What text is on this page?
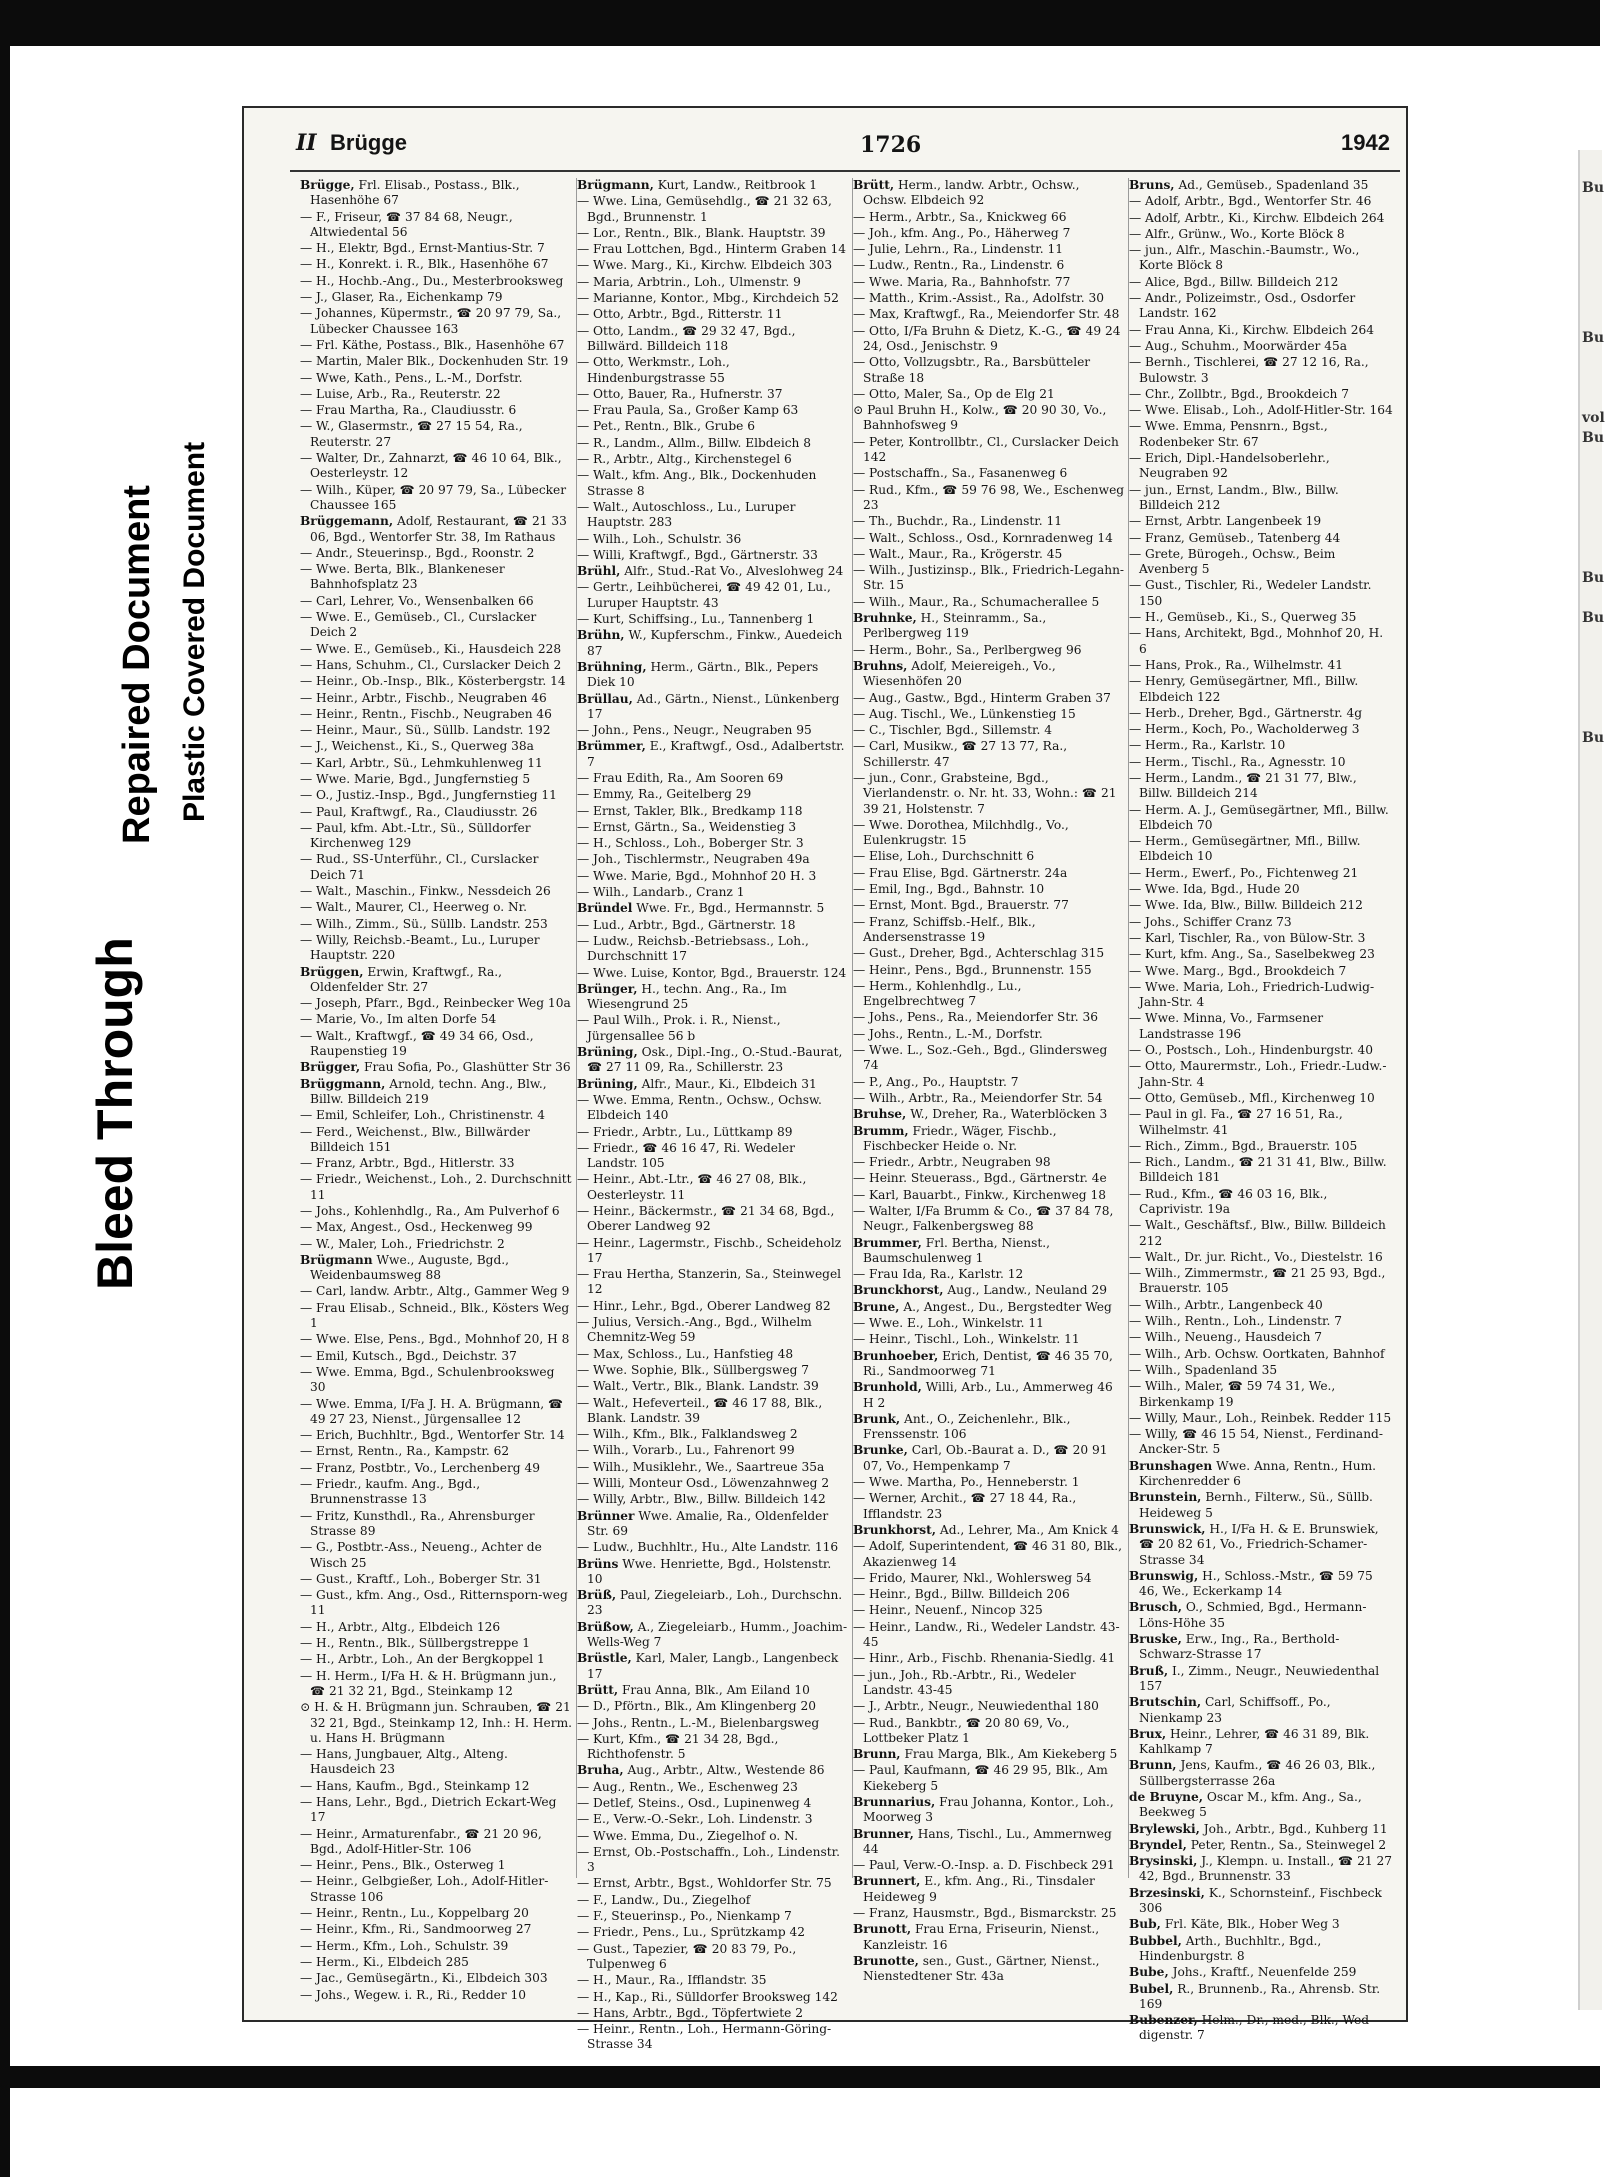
Bleed Through
Repaired Document Plastic Covered Document
Bu
Bu
vol
Bu
Bu
Bu
Bu
II Brügge	1726	1942
Brügge, Frl. Elisab., Postass., Blk., Hasenhöhe 67
— F., Friseur, ☎ 37 84 68, Neugr., Altwiedental 56
— H., Elektr, Bgd., Ernst-Mantius-Str. 7
— H., Konrekt. i. R., Blk., Hasenhöhe 67
— H., Hochb.-Ang., Du., Mesterbrooksweg
— J., Glaser, Ra., Eichenkamp 79
— Johannes, Küpermstr., ☎ 20 97 79, Sa., Lübecker Chaussee 163
— Frl. Käthe, Postass., Blk., Hasenhöhe 67
— Martin, Maler Blk., Dockenhuden Str. 19
— Wwe, Kath., Pens., L.-M., Dorfstr.
— Luise, Arb., Ra., Reuterstr. 22
— Frau Martha, Ra., Claudiusstr. 6
— W., Glasermstr., ☎ 27 15 54, Ra., Reuterstr. 27
— Walter, Dr., Zahnarzt, ☎ 46 10 64, Blk., Oesterleystr. 12
— Wilh., Küper, ☎ 20 97 79, Sa., Lübecker Chaussee 165
Brüggemann, Adolf, Restaurant, ☎ 21 33 06, Bgd., Wentorfer Str. 38, Im Rathaus
— Andr., Steuerinsp., Bgd., Roonstr. 2
— Wwe. Berta, Blk., Blankeneser Bahnhofsplatz 23
— Carl, Lehrer, Vo., Wensenbalken 66
— Wwe. E., Gemüseb., Cl., Curslacker Deich 2
— Wwe. E., Gemüseb., Ki., Hausdeich 228
— Hans, Schuhm., Cl., Curslacker Deich 2
— Heinr., Ob.-Insp., Blk., Kösterbergstr. 14
— Heinr., Arbtr., Fischb., Neugraben 46
— Heinr., Rentn., Fischb., Neugraben 46
— Heinr., Maur., Sü., Süllb. Landstr. 192
— J., Weichenst., Ki., S., Querweg 38a
— Karl, Arbtr., Sü., Lehmkuhlenweg 11
— Wwe. Marie, Bgd., Jungfernstieg 5
— O., Justiz.-Insp., Bgd., Jungfernstieg 11
— Paul, Kraftwgf., Ra., Claudiusstr. 26
— Paul, kfm. Abt.-Ltr., Sü., Sülldorfer Kirchenweg 129
— Rud., SS-Unterführ., Cl., Curslacker Deich 71
— Walt., Maschin., Finkw., Nessdeich 26
— Walt., Maurer, Cl., Heerweg o. Nr.
— Wilh., Zimm., Sü., Süllb. Landstr. 253
— Willy, Reichsb.-Beamt., Lu., Luruper Hauptstr. 220
Brüggen, Erwin, Kraftwgf., Ra., Oldenfelder Str. 27
— Joseph, Pfarr., Bgd., Reinbecker Weg 10a
— Marie, Vo., Im alten Dorfe 54
— Walt., Kraftwgf., ☎ 49 34 66, Osd., Raupenstieg 19
Brügger, Frau Sofia, Po., Glashütter Str 36
Brüggmann, Arnold, techn. Ang., Blw., Billw. Billdeich 219
— Emil, Schleifer, Loh., Christinenstr. 4
— Ferd., Weichenst., Blw., Billwärder Billdeich 151
— Franz, Arbtr., Bgd., Hitlerstr. 33
— Friedr., Weichenst., Loh., 2. Durchschnitt 11
— Johs., Kohlenhdlg., Ra., Am Pulverhof 6
— Max, Angest., Osd., Heckenweg 99
— W., Maler, Loh., Friedrichstr. 2
Brügmann Wwe., Auguste, Bgd., Weidenbaumsweg 88
— Carl, landw. Arbtr., Altg., Gammer Weg 9
— Frau Elisab., Schneid., Blk., Kösters Weg 1
— Wwe. Else, Pens., Bgd., Mohnhof 20, H 8
— Emil, Kutsch., Bgd., Deichstr. 37
— Wwe. Emma, Bgd., Schulenbrooksweg 30
— Wwe. Emma, I/Fa J. H. A. Brügmann, ☎ 49 27 23, Nienst., Jürgensallee 12
— Erich, Buchhltr., Bgd., Wentorfer Str. 14
— Ernst, Rentn., Ra., Kampstr. 62
— Franz, Postbtr., Vo., Lerchenberg 49
— Friedr., kaufm. Ang., Bgd., Brunnenstrasse 13
— Fritz, Kunsthdl., Ra., Ahrensburger Strasse 89
— G., Postbtr.-Ass., Neueng., Achter de Wisch 25
— Gust., Kraftf., Loh., Boberger Str. 31
— Gust., kfm. Ang., Osd., Ritternsporn-weg 11
— H., Arbtr., Altg., Elbdeich 126
— H., Rentn., Blk., Süllbergstreppe 1
— H., Arbtr., Loh., An der Bergkoppel 1
— H. Herm., I/Fa H. & H. Brügmann jun., ☎ 21 32 21, Bgd., Steinkamp 12
⊙ H. & H. Brügmann jun. Schrauben, ☎ 21 32 21, Bgd., Steinkamp 12, Inh.: H. Herm. u. Hans H. Brügmann
— Hans, Jungbauer, Altg., Alteng. Hausdeich 23
— Hans, Kaufm., Bgd., Steinkamp 12
— Hans, Lehr., Bgd., Dietrich Eckart-Weg 17
— Heinr., Armaturenfabr., ☎ 21 20 96, Bgd., Adolf-Hitler-Str. 106
— Heinr., Pens., Blk., Osterweg 1
— Heinr., Gelbgießer, Loh., Adolf-Hitler-Strasse 106
— Heinr., Rentn., Lu., Koppelbarg 20
— Heinr., Kfm., Ri., Sandmoorweg 27
— Herm., Kfm., Loh., Schulstr. 39
— Herm., Ki., Elbdeich 285
— Jac., Gemüsegärtn., Ki., Elbdeich 303
— Johs., Wegew. i. R., Ri., Redder 10
Brügmann, Kurt, Landw., Reitbrook 1
— Wwe. Lina, Gemüsehdlg., ☎ 21 32 63, Bgd., Brunnenstr. 1
— Lor., Rentn., Blk., Blank. Hauptstr. 39
— Frau Lottchen, Bgd., Hinterm Graben 14
— Wwe. Marg., Ki., Kirchw. Elbdeich 303
— Maria, Arbtrin., Loh., Ulmenstr. 9
— Marianne, Kontor., Mbg., Kirchdeich 52
— Otto, Arbtr., Bgd., Ritterstr. 11
— Otto, Landm., ☎ 29 32 47, Bgd., Billwärd. Billdeich 118
— Otto, Werkmstr., Loh., Hindenburgstrasse 55
— Otto, Bauer, Ra., Hufnerstr. 37
— Frau Paula, Sa., Großer Kamp 63
— Pet., Rentn., Blk., Grube 6
— R., Landm., Allm., Billw. Elbdeich 8
— R., Arbtr., Altg., Kirchenstegel 6
— Walt., kfm. Ang., Blk., Dockenhuden Strasse 8
— Walt., Autoschloss., Lu., Luruper Hauptstr. 283
— Wilh., Loh., Schulstr. 36
— Willi, Kraftwgf., Bgd., Gärtnerstr. 33
Brühl, Alfr., Stud.-Rat Vo., Alveslohweg 24
— Gertr., Leihbücherei, ☎ 49 42 01, Lu., Luruper Hauptstr. 43
— Kurt, Schiffsing., Lu., Tannenberg 1
Brühn, W., Kupferschm., Finkw., Auedeich 87
Brühning, Herm., Gärtn., Blk., Pepers Diek 10
Brüllau, Ad., Gärtn., Nienst., Lünkenberg 17
— John., Pens., Neugr., Neugraben 95
Brümmer, E., Kraftwgf., Osd., Adalbertstr. 7
— Frau Edith, Ra., Am Sooren 69
— Emmy, Ra., Geitelberg 29
— Ernst, Takler, Blk., Bredkamp 118
— Ernst, Gärtn., Sa., Weidenstieg 3
— H., Schloss., Loh., Boberger Str. 3
— Joh., Tischlermstr., Neugraben 49a
— Wwe. Marie, Bgd., Mohnhof 20 H. 3
— Wilh., Landarb., Cranz 1
Bründel Wwe. Fr., Bgd., Hermannstr. 5
— Lud., Arbtr., Bgd., Gärtnerstr. 18
— Ludw., Reichsb.-Betriebsass., Loh., Durchschnitt 17
— Wwe. Luise, Kontor, Bgd., Brauerstr. 124
Brünger, H., techn. Ang., Ra., Im Wiesengrund 25
— Paul Wilh., Prok. i. R., Nienst., Jürgensallee 56 b
Brüning, Osk., Dipl.-Ing., O.-Stud.-Baurat, ☎ 27 11 09, Ra., Schillerstr. 23
Brüning, Alfr., Maur., Ki., Elbdeich 31
— Wwe. Emma, Rentn., Ochsw., Ochsw. Elbdeich 140
— Friedr., Arbtr., Lu., Lüttkamp 89
— Friedr., ☎ 46 16 47, Ri. Wedeler Landstr. 105
— Heinr., Abt.-Ltr., ☎ 46 27 08, Blk., Oesterleystr. 11
— Heinr., Bäckermstr., ☎ 21 34 68, Bgd., Oberer Landweg 92
— Heinr., Lagermstr., Fischb., Scheideholz 17
— Frau Hertha, Stanzerin, Sa., Steinwegel 12
— Hinr., Lehr., Bgd., Oberer Landweg 82
— Julius, Versich.-Ang., Bgd., Wilhelm Chemnitz-Weg 59
— Max, Schloss., Lu., Hanfstieg 48
— Wwe. Sophie, Blk., Süllbergsweg 7
— Walt., Vertr., Blk., Blank. Landstr. 39
— Walt., Hefeverteil., ☎ 46 17 88, Blk., Blank. Landstr. 39
— Wilh., Kfm., Blk., Falklandsweg 2
— Wilh., Vorarb., Lu., Fahrenort 99
— Wilh., Musiklehr., We., Saartreue 35a
— Willi, Monteur Osd., Löwenzahnweg 2
— Willy, Arbtr., Blw., Billw. Billdeich 142
Brünner Wwe. Amalie, Ra., Oldenfelder Str. 69
— Ludw., Buchhltr., Hu., Alte Landstr. 116
Brüns Wwe. Henriette, Bgd., Holstenstr. 10
Brüß, Paul, Ziegeleiarb., Loh., Durchschn. 23
Brüßow, A., Ziegeleiarb., Humm., Joachim-Wells-Weg 7
Brüstle, Karl, Maler, Langb., Langenbeck 17
Brütt, Frau Anna, Blk., Am Eiland 10
— D., Pförtn., Blk., Am Klingenberg 20
— Johs., Rentn., L.-M., Bielenbargsweg
— Kurt, Kfm., ☎ 21 34 28, Bgd., Richthofenstr. 5
Bruha, Aug., Arbtr., Altw., Westende 86
— Aug., Rentn., We., Eschenweg 23
— Detlef, Steins., Osd., Lupinenweg 4
— E., Verw.-O.-Sekr., Loh. Lindenstr. 3
— Wwe. Emma, Du., Ziegelhof o. N.
— Ernst, Ob.-Postschaffn., Loh., Lindenstr. 3
— Ernst, Arbtr., Bgst., Wohldorfer Str. 75
— F., Landw., Du., Ziegelhof
— F., Steuerinsp., Po., Nienkamp 7
— Friedr., Pens., Lu., Sprützkamp 42
— Gust., Tapezier, ☎ 20 83 79, Po., Tulpenweg 6
— H., Maur., Ra., Ifflandstr. 35
— H., Kap., Ri., Sülldorfer Brooksweg 142
— Hans, Arbtr., Bgd., Töpfertwiete 2
— Heinr., Rentn., Loh., Hermann-Göring-Strasse 34
Brütt, Herm., landw. Arbtr., Ochsw., Ochsw. Elbdeich 92
— Herm., Arbtr., Sa., Knickweg 66
— Joh., kfm. Ang., Po., Häherweg 7
— Julie, Lehrn., Ra., Lindenstr. 11
— Ludw., Rentn., Ra., Lindenstr. 6
— Wwe. Maria, Ra., Bahnhofstr. 77
— Matth., Krim.-Assist., Ra., Adolfstr. 30
— Max, Kraftwgf., Ra., Meiendorfer Str. 48
— Otto, I/Fa Bruhn & Dietz, K.-G., ☎ 49 24 24, Osd., Jenischstr. 9
— Otto, Vollzugsbtr., Ra., Barsbütteler Straße 18
— Otto, Maler, Sa., Op de Elg 21
⊙ Paul Bruhn H., Kolw., ☎ 20 90 30, Vo., Bahnhofsweg 9
— Peter, Kontrollbtr., Cl., Curslacker Deich 142
— Postschaffn., Sa., Fasanenweg 6
— Rud., Kfm., ☎ 59 76 98, We., Eschenweg 23
— Th., Buchdr., Ra., Lindenstr. 11
— Walt., Schloss., Osd., Kornradenweg 14
— Walt., Maur., Ra., Krögerstr. 45
— Wilh., Justizinsp., Blk., Friedrich-Legahn-Str. 15
— Wilh., Maur., Ra., Schumacherallee 5
Bruhnke, H., Steinramm., Sa., Perlbergweg 119
— Herm., Bohr., Sa., Perlbergweg 96
Bruhns, Adolf, Meiereigeh., Vo., Wiesenhöfen 20
— Aug., Gastw., Bgd., Hinterm Graben 37
— Aug. Tischl., We., Lünkenstieg 15
— C., Tischler, Bgd., Sillemstr. 4
— Carl, Musikw., ☎ 27 13 77, Ra., Schillerstr. 47
— jun., Conr., Grabsteine, Bgd., Vierlandenstr. o. Nr. ht. 33, Wohn.: ☎ 21 39 21, Holstenstr. 7
— Wwe. Dorothea, Milchhdlg., Vo., Eulenkrugstr. 15
— Elise, Loh., Durchschnitt 6
— Frau Elise, Bgd. Gärtnerstr. 24a
— Emil, Ing., Bgd., Bahnstr. 10
— Ernst, Mont. Bgd., Brauerstr. 77
— Franz, Schiffsb.-Helf., Blk., Andersenstrasse 19
— Gust., Dreher, Bgd., Achterschlag 315
— Heinr., Pens., Bgd., Brunnenstr. 155
— Herm., Kohlenhdlg., Lu., Engelbrechtweg 7
— Johs., Pens., Ra., Meiendorfer Str. 36
— Johs., Rentn., L.-M., Dorfstr.
— Wwe. L., Soz.-Geh., Bgd., Glindersweg 74
— P., Ang., Po., Hauptstr. 7
— Wilh., Arbtr., Ra., Meiendorfer Str. 54
Bruhse, W., Dreher, Ra., Waterblöcken 3
Brumm, Friedr., Wäger, Fischb., Fischbecker Heide o. Nr.
— Friedr., Arbtr., Neugraben 98
— Heinr. Steuerass., Bgd., Gärtnerstr. 4e
— Karl, Bauarbt., Finkw., Kirchenweg 18
— Walter, I/Fa Brumm & Co., ☎ 37 84 78, Neugr., Falkenbergsweg 88
Brummer, Frl. Bertha, Nienst., Baumschulenweg 1
— Frau Ida, Ra., Karlstr. 12
Brunckhorst, Aug., Landw., Neuland 29
Brune, A., Angest., Du., Bergstedter Weg
— Wwe. E., Loh., Winkelstr. 11
— Heinr., Tischl., Loh., Winkelstr. 11
Brunhoeber, Erich, Dentist, ☎ 46 35 70, Ri., Sandmoorweg 71
Brunhold, Willi, Arb., Lu., Ammerweg 46 H 2
Brunk, Ant., O., Zeichenlehr., Blk., Frenssenstr. 106
Brunke, Carl, Ob.-Baurat a. D., ☎ 20 91 07, Vo., Hempenkamp 7
— Wwe. Martha, Po., Henneberstr. 1
— Werner, Archit., ☎ 27 18 44, Ra., Ifflandstr. 23
Brunkhorst, Ad., Lehrer, Ma., Am Knick 4
— Adolf, Superintendent, ☎ 46 31 80, Blk., Akazienweg 14
— Frido, Maurer, Nkl., Wohlersweg 54
— Heinr., Bgd., Billw. Billdeich 206
— Heinr., Neuenf., Nincop 325
— Heinr., Landw., Ri., Wedeler Landstr. 43-45
— Hinr., Arb., Fischb. Rhenania-Siedlg. 41
— jun., Joh., Rb.-Arbtr., Ri., Wedeler Landstr. 43-45
— J., Arbtr., Neugr., Neuwiedenthal 180
— Rud., Bankbtr., ☎ 20 80 69, Vo., Lottbeker Platz 1
Brunn, Frau Marga, Blk., Am Kiekeberg 5
— Paul, Kaufmann, ☎ 46 29 95, Blk., Am Kiekeberg 5
Brunnarius, Frau Johanna, Kontor., Loh., Moorweg 3
Brunner, Hans, Tischl., Lu., Ammernweg 44
— Paul, Verw.-O.-Insp. a. D. Fischbeck 291
Brunnert, E., kfm. Ang., Ri., Tinsdaler Heideweg 9
— Franz, Hausmstr., Bgd., Bismarckstr. 25
Brunott, Frau Erna, Friseurin, Nienst., Kanzleistr. 16
Brunotte, sen., Gust., Gärtner, Nienst., Nienstedtener Str. 43a
Bruns, Ad., Gemüseb., Spadenland 35
— Adolf, Arbtr., Bgd., Wentorfer Str. 46
— Adolf, Arbtr., Ki., Kirchw. Elbdeich 264
— Alfr., Grünw., Wo., Korte Blöck 8
— jun., Alfr., Maschin.-Baumstr., Wo., Korte Blöck 8
— Alice, Bgd., Billw. Billdeich 212
— Andr., Polizeimstr., Osd., Osdorfer Landstr. 162
— Frau Anna, Ki., Kirchw. Elbdeich 264
— Aug., Schuhm., Moorwärder 45a
— Bernh., Tischlerei, ☎ 27 12 16, Ra., Bulowstr. 3
— Chr., Zollbtr., Bgd., Brookdeich 7
— Wwe. Elisab., Loh., Adolf-Hitler-Str. 164
— Wwe. Emma, Pensnrn., Bgst., Rodenbeker Str. 67
— Erich, Dipl.-Handelsoberlehr., Neugraben 92
— jun., Ernst, Landm., Blw., Billw. Billdeich 212
— Ernst, Arbtr. Langenbeek 19
— Franz, Gemüseb., Tatenberg 44
— Grete, Bürogeh., Ochsw., Beim Avenberg 5
— Gust., Tischler, Ri., Wedeler Landstr. 150
— H., Gemüseb., Ki., S., Querweg 35
— Hans, Architekt, Bgd., Mohnhof 20, H. 6
— Hans, Prok., Ra., Wilhelmstr. 41
— Henry, Gemüsegärtner, Mfl., Billw. Elbdeich 122
— Herb., Dreher, Bgd., Gärtnerstr. 4g
— Herm., Koch, Po., Wacholderweg 3
— Herm., Ra., Karlstr. 10
— Herm., Tischl., Ra., Agnesstr. 10
— Herm., Landm., ☎ 21 31 77, Blw., Billw. Billdeich 214
— Herm. A. J., Gemüsegärtner, Mfl., Billw. Elbdeich 70
— Herm., Gemüsegärtner, Mfl., Billw. Elbdeich 10
— Herm., Ewerf., Po., Fichtenweg 21
— Wwe. Ida, Bgd., Hude 20
— Wwe. Ida, Blw., Billw. Billdeich 212
— Johs., Schiffer Cranz 73
— Karl, Tischler, Ra., von Bülow-Str. 3
— Kurt, kfm. Ang., Sa., Saselbekweg 23
— Wwe. Marg., Bgd., Brookdeich 7
— Wwe. Maria, Loh., Friedrich-Ludwig-Jahn-Str. 4
— Wwe. Minna, Vo., Farmsener Landstrasse 196
— O., Postsch., Loh., Hindenburgstr. 40
— Otto, Maurermstr., Loh., Friedr.-Ludw.-Jahn-Str. 4
— Otto, Gemüseb., Mfl., Kirchenweg 10
— Paul in gl. Fa., ☎ 27 16 51, Ra., Wilhelmstr. 41
— Rich., Zimm., Bgd., Brauerstr. 105
— Rich., Landm., ☎ 21 31 41, Blw., Billw. Billdeich 181
— Rud., Kfm., ☎ 46 03 16, Blk., Caprivistr. 19a
— Walt., Geschäftsf., Blw., Billw. Billdeich 212
— Walt., Dr. jur. Richt., Vo., Diestelstr. 16
— Wilh., Zimmermstr., ☎ 21 25 93, Bgd., Brauerstr. 105
— Wilh., Arbtr., Langenbeck 40
— Wilh., Rentn., Loh., Lindenstr. 7
— Wilh., Neueng., Hausdeich 7
— Wilh., Arb. Ochsw. Oortkaten, Bahnhof
— Wilh., Spadenland 35
— Wilh., Maler, ☎ 59 74 31, We., Birkenkamp 19
— Willy, Maur., Loh., Reinbek. Redder 115
— Willy, ☎ 46 15 54, Nienst., Ferdinand-Ancker-Str. 5
Brunshagen Wwe. Anna, Rentn., Hum. Kirchenredder 6
Brunstein, Bernh., Filterw., Sü., Süllb. Heideweg 5
Brunswick, H., I/Fa H. & E. Brunswiek, ☎ 20 82 61, Vo., Friedrich-Schamer-Strasse 34
Brunswig, H., Schloss.-Mstr., ☎ 59 75 46, We., Eckerkamp 14
Brusch, O., Schmied, Bgd., Hermann-Löns-Höhe 35
Bruske, Erw., Ing., Ra., Berthold-Schwarz-Strasse 17
Bruß, I., Zimm., Neugr., Neuwiedenthal 157
Brutschin, Carl, Schiffsoff., Po., Nienkamp 23
Brux, Heinr., Lehrer, ☎ 46 31 89, Blk. Kahlkamp 7
Brunn, Jens, Kaufm., ☎ 46 26 03, Blk., Süllbergsterrasse 26a
de Bruyne, Oscar M., kfm. Ang., Sa., Beekweg 5
Brylewski, Joh., Arbtr., Bgd., Kuhberg 11
Bryndel, Peter, Rentn., Sa., Steinwegel 2
Brysinski, J., Klempn. u. Install., ☎ 21 27 42, Bgd., Brunnenstr. 33
Brzesinski, K., Schornsteinf., Fischbeck 306
Bub, Frl. Käte, Blk., Hober Weg 3
Bubbel, Arth., Buchhltr., Bgd., Hindenburgstr. 8
Bube, Johs., Kraftf., Neuenfelde 259
Bubel, R., Brunnenb., Ra., Ahrensb. Str. 169
Bubenzer, Helm., Dr., med., Blk., Wed digenstr. 7
